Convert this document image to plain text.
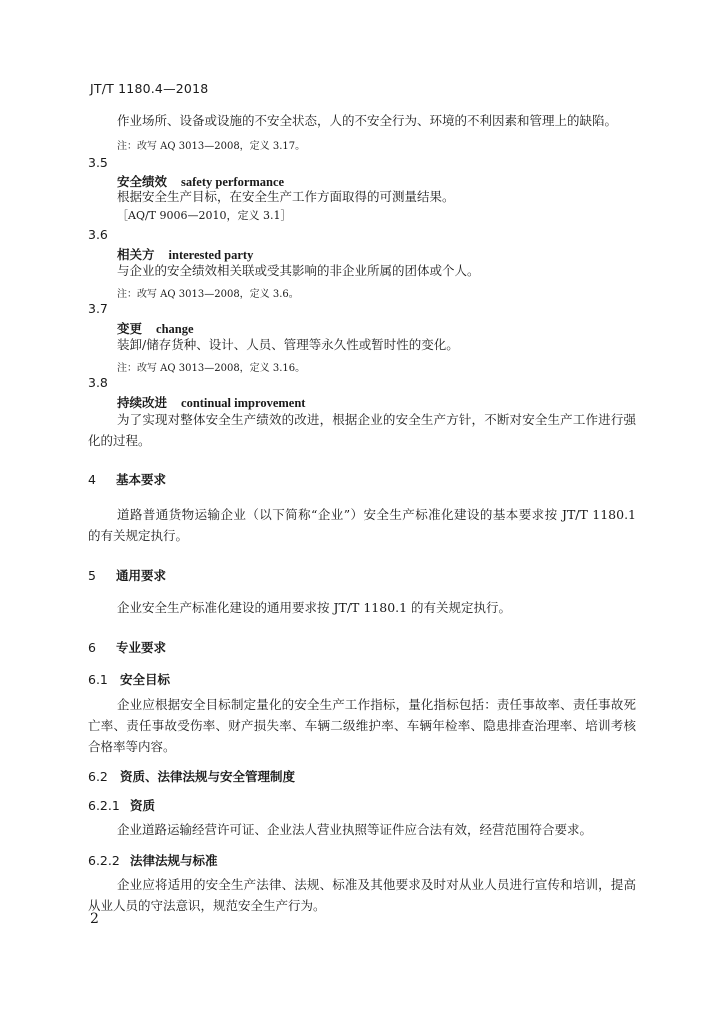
JT/T 1180.4—2018
作业场所、设备或设施的不安全状态，人的不安全行为、环境的不利因素和管理上的缺陷。
注：改写 AQ 3013—2008，定义 3.17。
3.5
安全绩效 safety performance
根据安全生产目标，在安全生产工作方面取得的可测量结果。
［AQ/T 9006—2010，定义 3.1］
3.6
相关方 interested party
与企业的安全绩效相关联或受其影响的非企业所属的团体或个人。
注：改写 AQ 3013—2008，定义 3.6。
3.7
变更 change
装卸/储存货种、设计、人员、管理等永久性或暂时性的变化。
注：改写 AQ 3013—2008，定义 3.16。
3.8
持续改进 continual improvement
为了实现对整体安全生产绩效的改进，根据企业的安全生产方针，不断对安全生产工作进行强化的过程。
4 基本要求
道路普通货物运输企业（以下简称“企业”）安全生产标准化建设的基本要求按 JT/T 1180.1 的有关规定执行。
5 通用要求
企业安全生产标准化建设的通用要求按 JT/T 1180.1 的有关规定执行。
6 专业要求
6.1 安全目标
企业应根据安全目标制定量化的安全生产工作指标，量化指标包括：责任事故率、责任事故死亡率、责任事故受伤率、财产损失率、车辆二级维护率、车辆年检率、隐患排查治理率、培训考核合格率等内容。
6.2 资质、法律法规与安全管理制度
6.2.1 资质
企业道路运输经营许可证、企业法人营业执照等证件应合法有效，经营范围符合要求。
6.2.2 法律法规与标准
企业应将适用的安全生产法律、法规、标准及其他要求及时对从业人员进行宣传和培训，提高从业人员的守法意识，规范安全生产行为。
2
